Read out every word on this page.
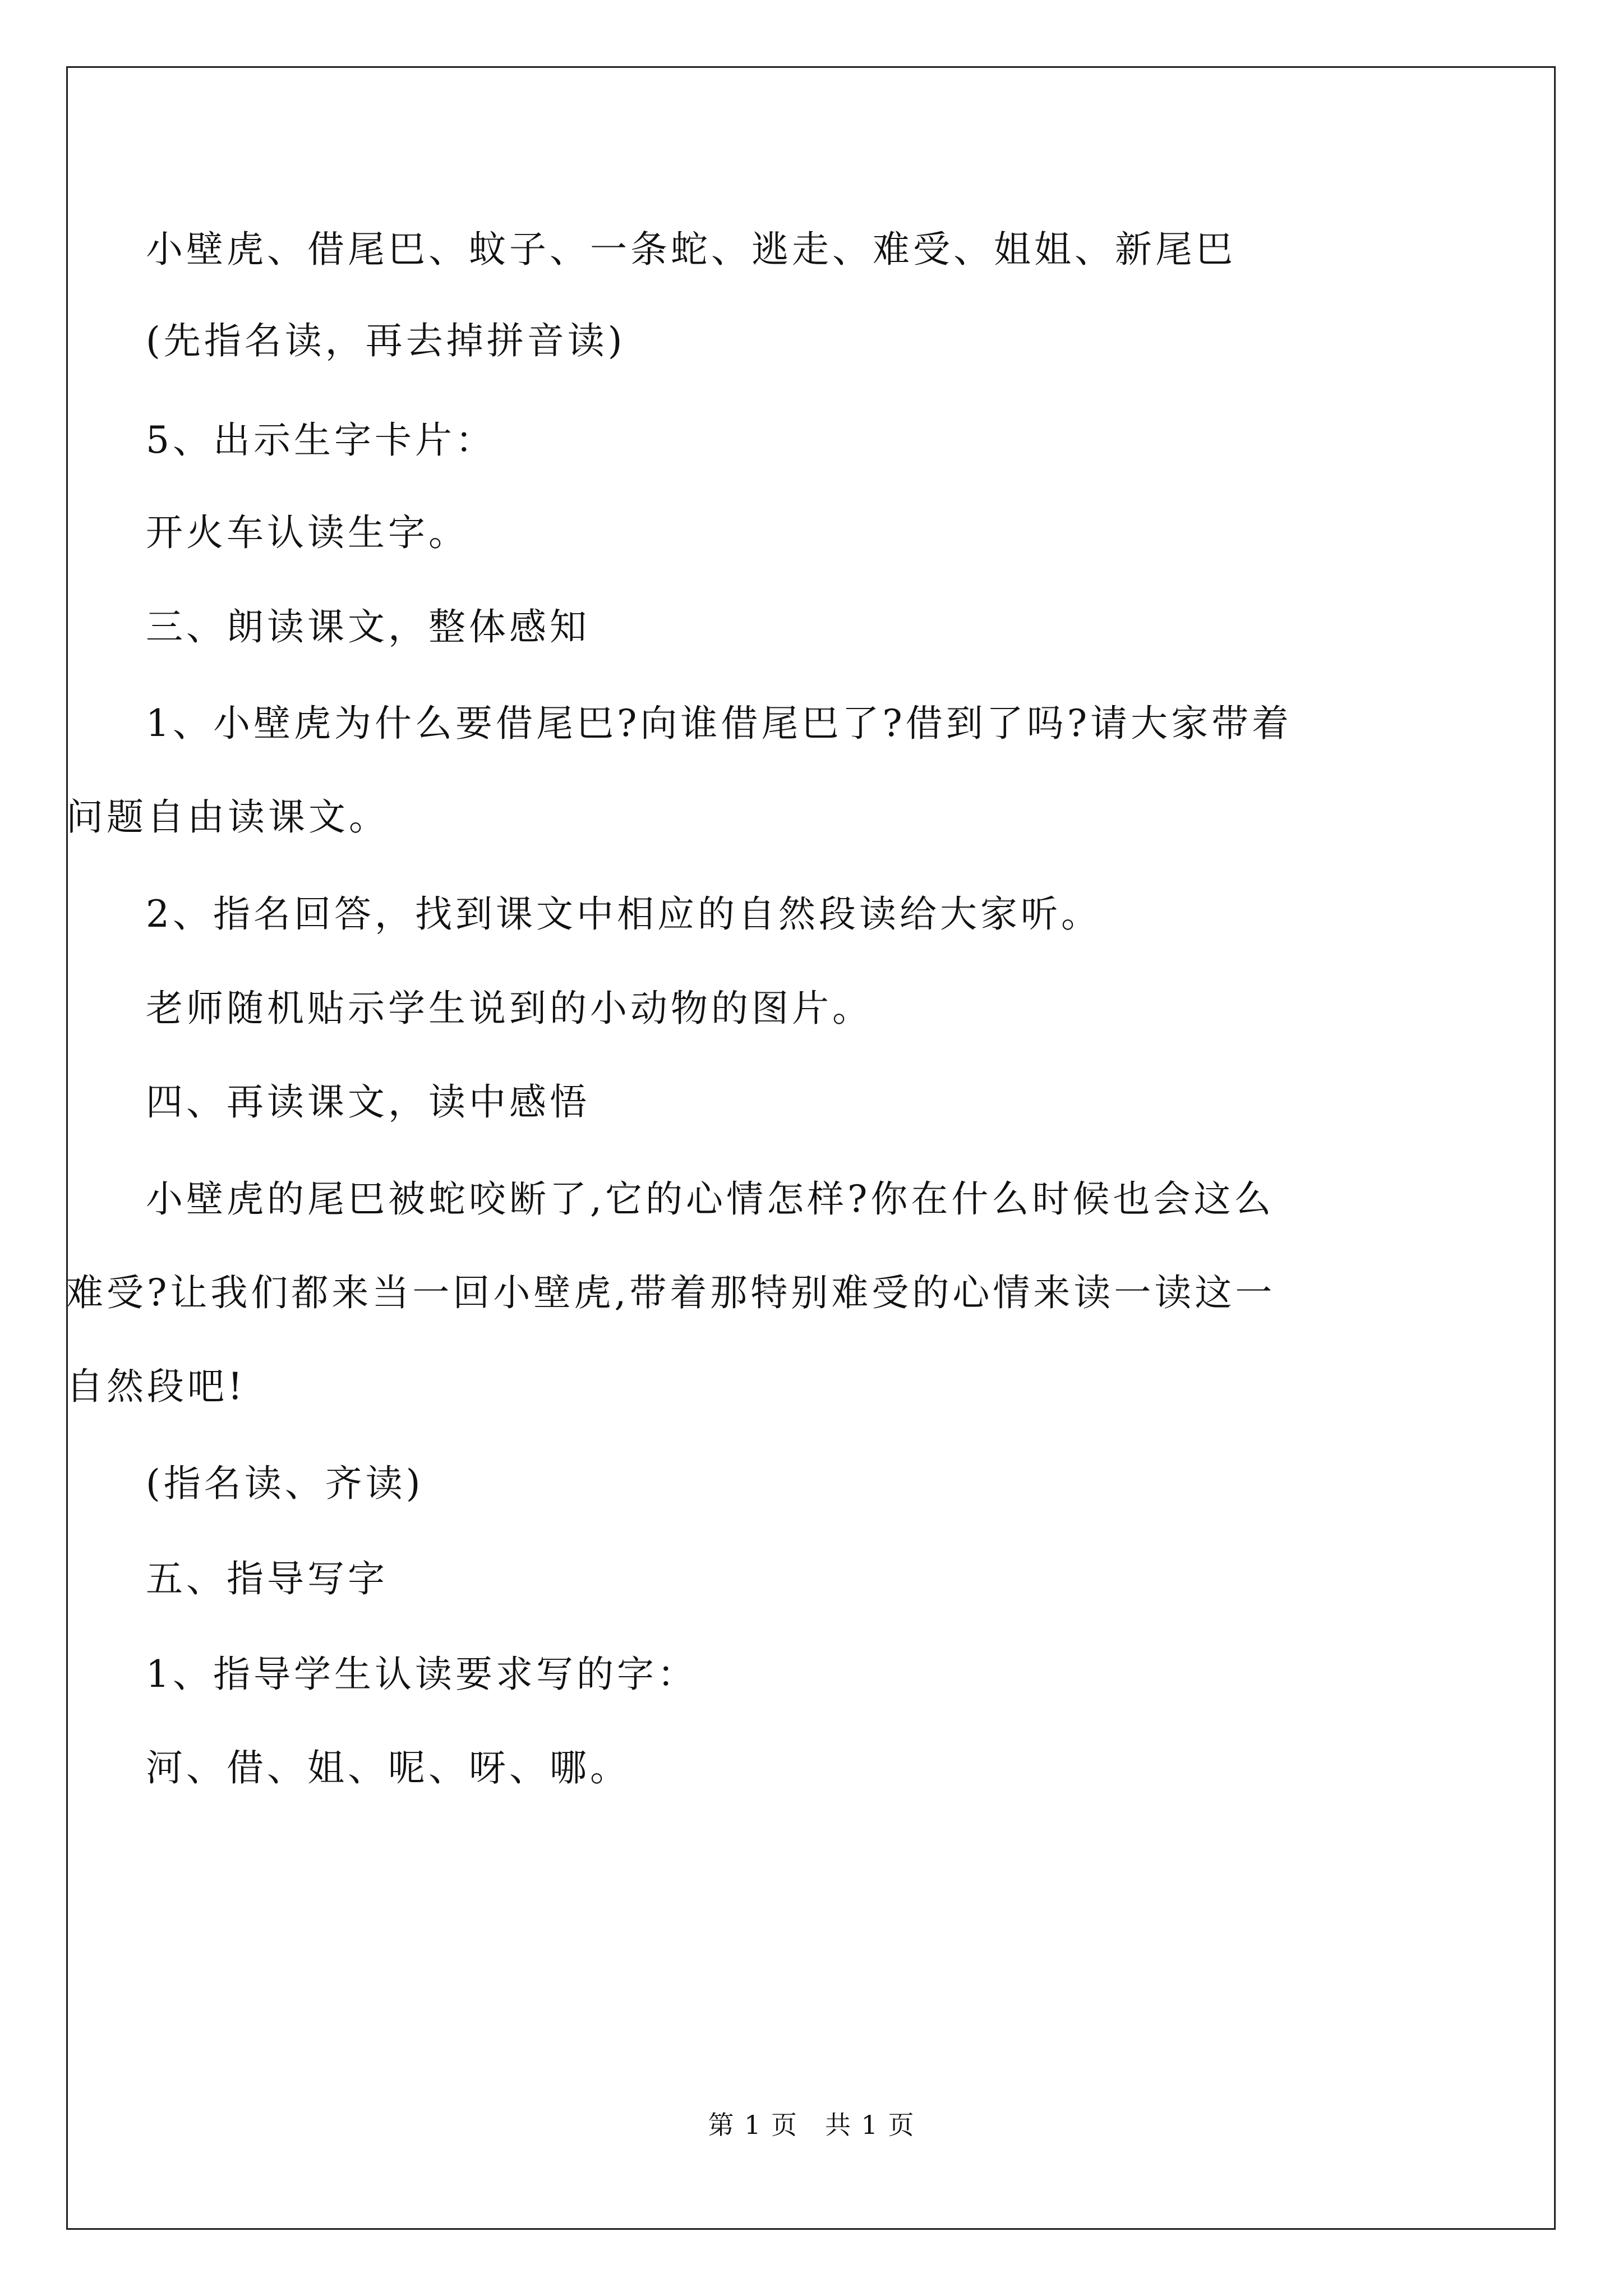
小壁虎、借尾巴、蚊子、一条蛇、逃走、难受、姐姐、新尾巴
(先指名读，再去掉拼音读)
5、出示生字卡片：
开火车认读生字。
三、朗读课文，整体感知
1、小壁虎为什么要借尾巴?向谁借尾巴了?借到了吗?请大家带着
问题自由读课文。
2、指名回答，找到课文中相应的自然段读给大家听。
老师随机贴示学生说到的小动物的图片。
四、再读课文，读中感悟
小壁虎的尾巴被蛇咬断了,它的心情怎样?你在什么时候也会这么
难受?让我们都来当一回小壁虎,带着那特别难受的心情来读一读这一
自然段吧!
(指名读、齐读)
五、指导写字
1、指导学生认读要求写的字：
河、借、姐、呢、呀、哪。
第 1 页　共 1 页
